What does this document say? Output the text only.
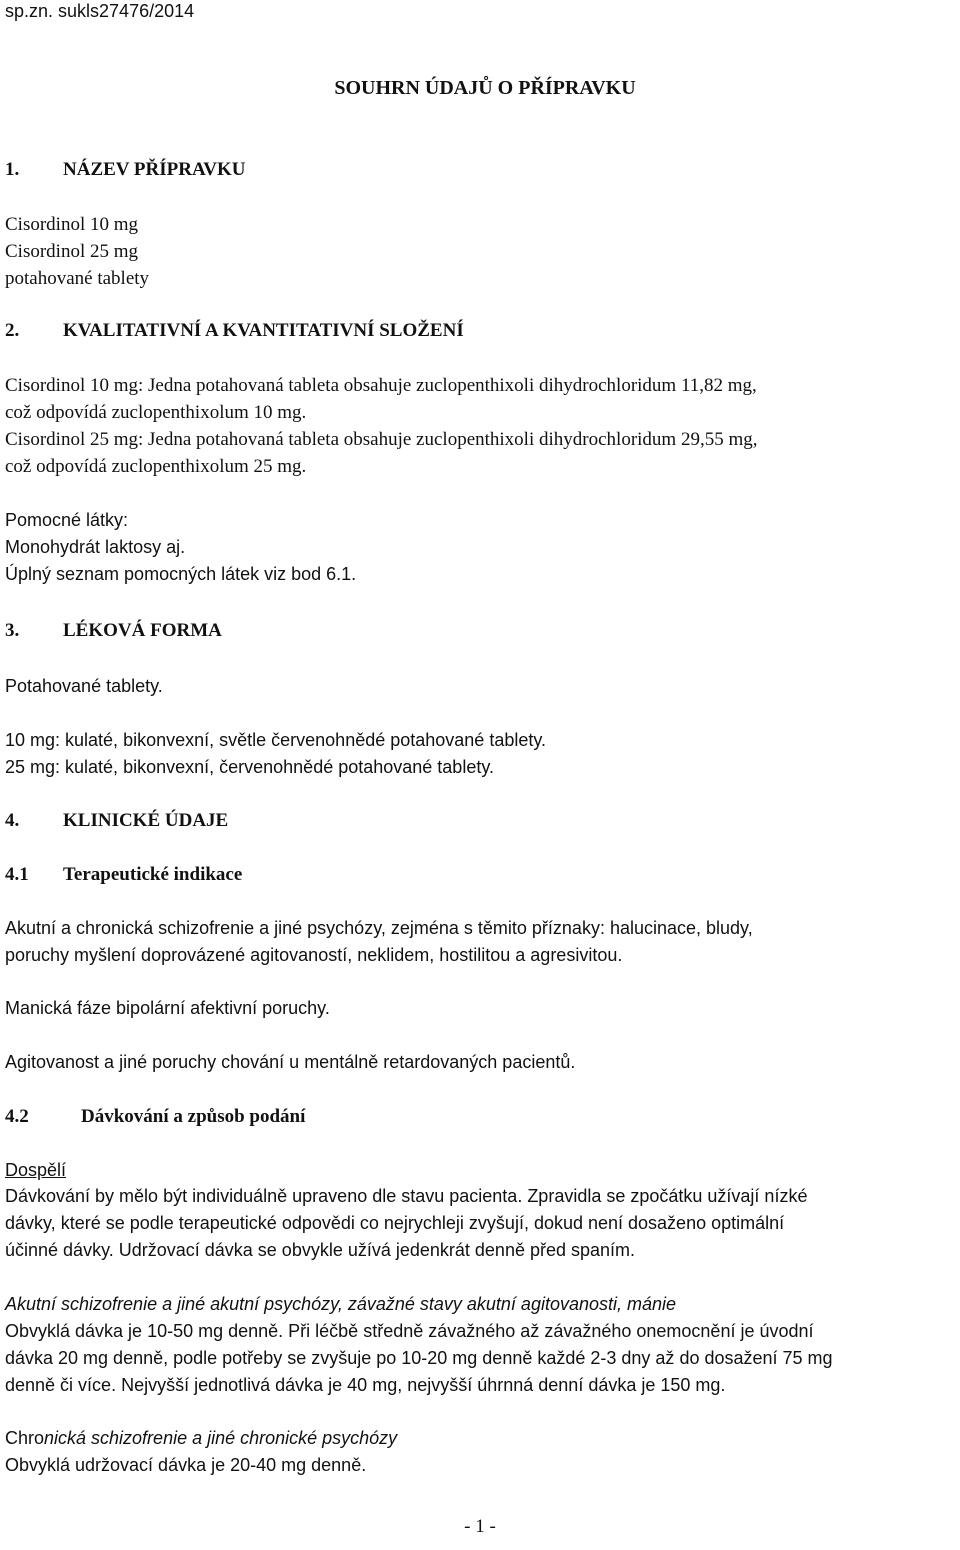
sp.zn. sukls27476/2014

SOUHRN ÚDAJŮ O PŘÍPRAVKU

1. NÁZEV PŘÍPRAVKU

Cisordinol 10 mg

Cisordinol 25 mg

potahované tablety

2. KVALITATIVNÍ A KVANTITATIVNÍ SLOŽENÍ

Cisordinol 10 mg: Jedna potahovaná tableta obsahuje zuclopenthixoli dihydrochloridum 11,82 mg,

což odpovídá zuclopenthixolum 10 mg.

Cisordinol 25 mg: Jedna potahovaná tableta obsahuje zuclopenthixoli dihydrochloridum 29,55 mg,

což odpovídá zuclopenthixolum 25 mg.

Pomocné látky:

Monohydrát laktosy aj.

Úplný seznam pomocných látek viz bod 6.1.

3. LÉKOVÁ FORMA

Potahované tablety.

10 mg: kulaté, bikonvexní, světle červenohnědé potahované tablety.

25 mg: kulaté, bikonvexní, červenohnědé potahované tablety.

4. KLINICKÉ ÚDAJE

4.1 Terapeutické indikace

Akutní a chronická schizofrenie a jiné psychózy, zejména s těmito příznaky: halucinace, bludy,

poruchy myšlení doprovázené agitovaností, neklidem, hostilitou a agresivitou.

Manická fáze bipolární afektivní poruchy.

Agitovanost a jiné poruchy chování u mentálně retardovaných pacientů.

4.2	Dávkování a způsob podání

Dospělí

Dávkování by mělo být individuálně upraveno dle stavu pacienta. Zpravidla se zpočátku užívají nízké

dávky, které se podle terapeutické odpovědi co nejrychleji zvyšují, dokud není dosaženo optimální

účinné dávky. Udržovací dávka se obvykle užívá jedenkrát denně před spaním.

Akutní schizofrenie a jiné akutní psychózy, závažné stavy akutní agitovanosti, mánie

Obvyklá dávka je 10-50 mg denně. Při léčbě středně závažného až závažného onemocnění je úvodní

dávka 20 mg denně, podle potřeby se zvyšuje po 10-20 mg denně každé 2-3 dny až do dosažení 75 mg

denně či více. Nejvyšší jednotlivá dávka je 40 mg, nejvyšší úhrnná denní dávka je 150 mg.

Chronická schizofrenie a jiné chronické psychózy

Obvyklá udržovací dávka je 20-40 mg denně.

- 1 -
